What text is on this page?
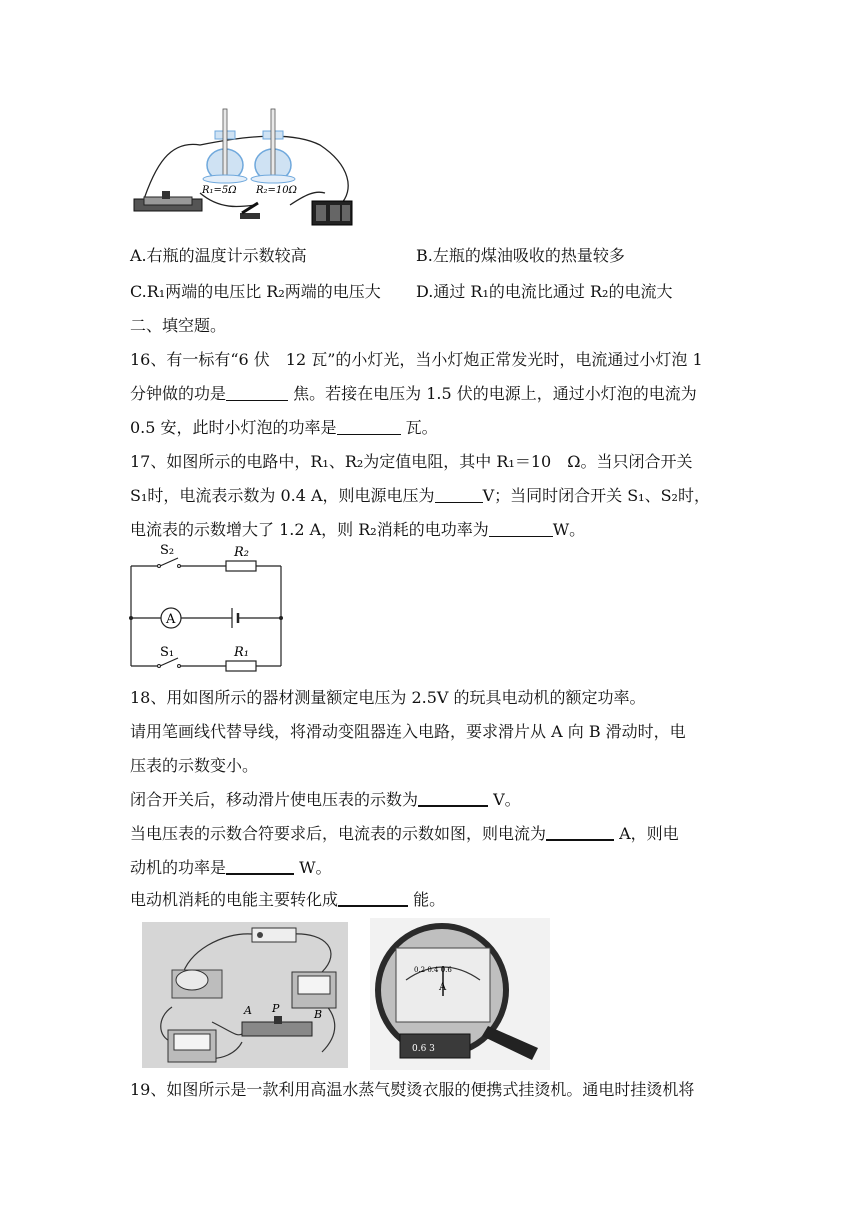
R₁=5Ω R₂=10Ω
A.右瓶的温度计示数较高	B.左瓶的煤油吸收的热量较多
C.R₁两端的电压比 R₂两端的电压大 D.通过 R₁的电流比通过 R₂的电流大
二、填空题。
16、有一标有“6 伏　12 瓦”的小灯光，当小灯炮正常发光时，电流通过小灯泡 1
分钟做的功是	焦。若接在电压为 1.5 伏的电源上，通过小灯泡的电流为
0.5 安，此时小灯泡的功率是	瓦。
17、如图所示的电路中，R₁、R₂为定值电阻，其中 R₁＝10　Ω。当只闭合开关
S₁时，电流表示数为 0.4 A，则电源电压为	V；当同时闭合开关 S₁、S₂时，
电流表的示数增大了 1.2 A，则 R₂消耗的电功率为	W。
S₂	R₂
A
S₁	R₁
18、用如图所示的器材测量额定电压为 2.5V 的玩具电动机的额定功率。
请用笔画线代替导线，将滑动变阻器连入电路，要求滑片从 A 向 B 滑动时，电
压表的示数变小。
闭合开关后，移动滑片使电压表的示数为	V。
当电压表的示数合符要求后，电流表的示数如图，则电流为	A，则电
动机的功率是	W。
电动机消耗的电能主要转化成	能。
A P	B
0.2 0.4 0.6
A
0.6 3
19、如图所示是一款利用高温水蒸气熨烫衣服的便携式挂烫机。通电时挂烫机将
